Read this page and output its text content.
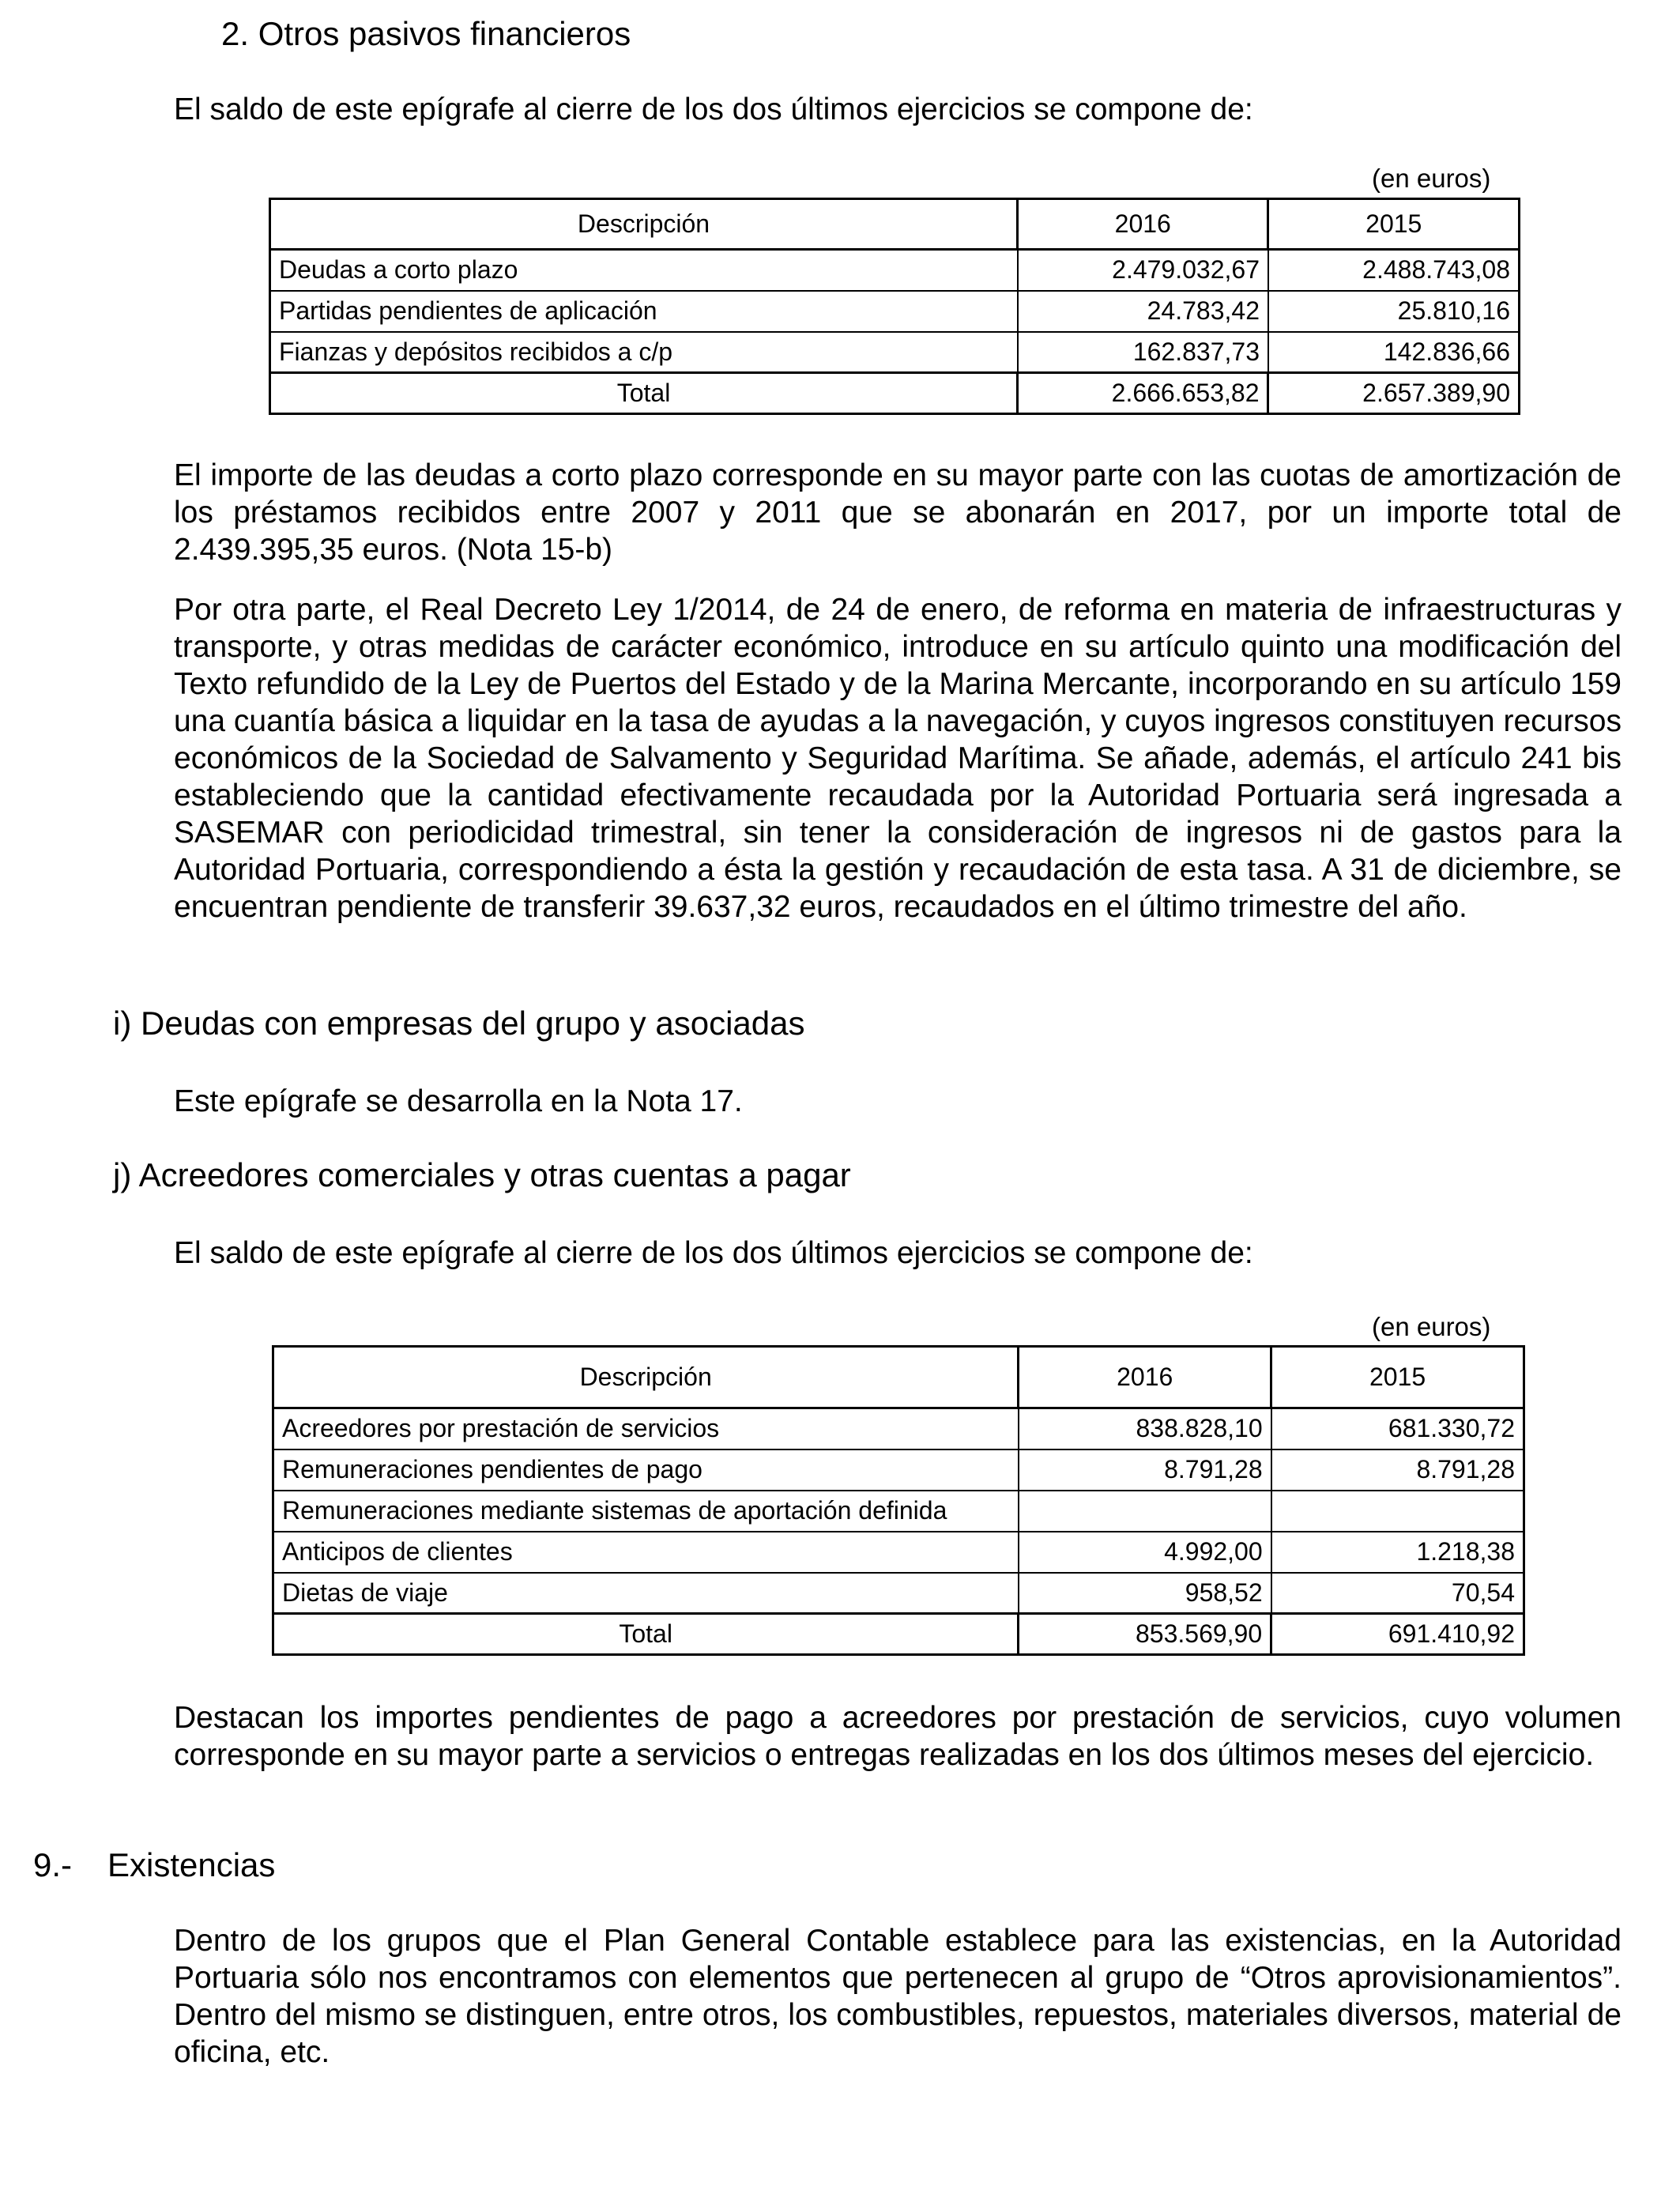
2. Otros pasivos financieros
El saldo de este epígrafe al cierre de los dos últimos ejercicios se compone de:
(en euros)
Descripción	2016	2015
Deudas a corto plazo	2.479.032,67	2.488.743,08
Partidas pendientes de aplicación	24.783,42	25.810,16
Fianzas y depósitos recibidos a c/p	162.837,73	142.836,66
Total	2.666.653,82	2.657.389,90
El importe de las deudas a corto plazo corresponde en su mayor parte con las cuotas de amortización de los préstamos recibidos entre 2007 y 2011 que se abonarán en 2017, por un importe total de 2.439.395,35 euros. (Nota 15-b)
Por otra parte, el Real Decreto Ley 1/2014, de 24 de enero, de reforma en materia de infraestructuras y transporte, y otras medidas de carácter económico, introduce en su artículo quinto una modificación del Texto refundido de la Ley de Puertos del Estado y de la Marina Mercante, incorporando en su artículo 159 una cuantía básica a liquidar en la tasa de ayudas a la navegación, y cuyos ingresos constituyen recursos económicos de la Sociedad de Salvamento y Seguridad Marítima. Se añade, además, el artículo 241 bis estableciendo que la cantidad efectivamente recaudada por la Autoridad Portuaria será ingresada a SASEMAR con periodicidad trimestral, sin tener la consideración de ingresos ni de gastos para la Autoridad Portuaria, correspondiendo a ésta la gestión y recaudación de esta tasa. A 31 de diciembre, se encuentran pendiente de transferir 39.637,32 euros, recaudados en el último trimestre del año.
i) Deudas con empresas del grupo y asociadas
Este epígrafe se desarrolla en la Nota 17.
j) Acreedores comerciales y otras cuentas a pagar
El saldo de este epígrafe al cierre de los dos últimos ejercicios se compone de:
(en euros)
Descripción	2016	2015
Acreedores por prestación de servicios	838.828,10	681.330,72
Remuneraciones pendientes de pago	8.791,28	8.791,28
Remuneraciones mediante sistemas de aportación definida		
Anticipos de clientes	4.992,00	1.218,38
Dietas de viaje	958,52	70,54
Total	853.569,90	691.410,92
Destacan los importes pendientes de pago a acreedores por prestación de servicios, cuyo volumen corresponde en su mayor parte a servicios o entregas realizadas en los dos últimos meses del ejercicio.
9.- Existencias
Dentro de los grupos que el Plan General Contable establece para las existencias, en la Autoridad Portuaria sólo nos encontramos con elementos que pertenecen al grupo de “Otros aprovisionamientos”. Dentro del mismo se distinguen, entre otros, los combustibles, repuestos, materiales diversos, material de oficina, etc.
